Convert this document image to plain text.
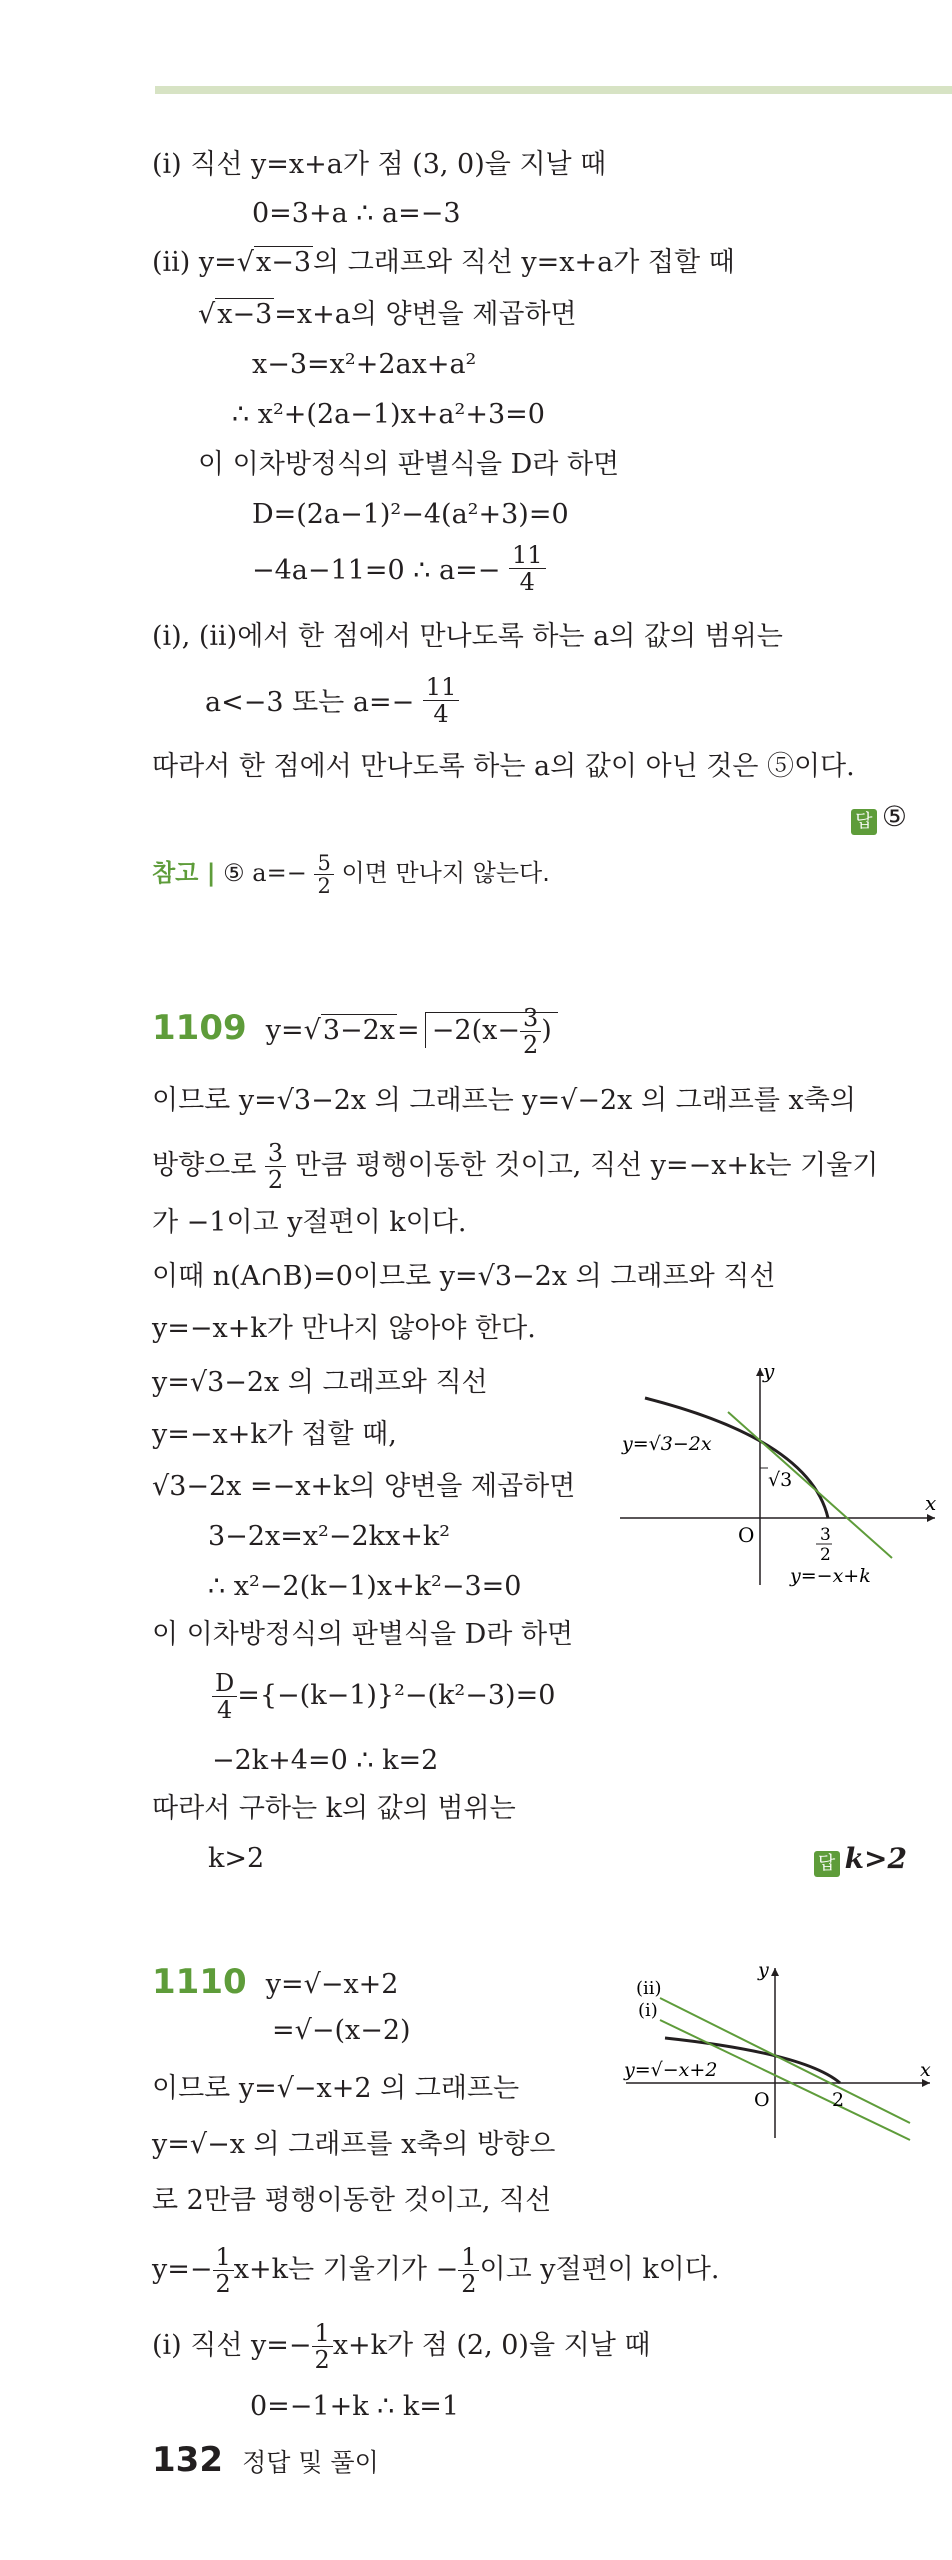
(ⅰ) 직선 y=x+a가 점 (3, 0)을 지날 때
0=3+a ∴ a=−3
(ⅱ) y=√x−3의 그래프와 직선 y=x+a가 접할 때
√x−3=x+a의 양변을 제곱하면
x−3=x²+2ax+a²
∴ x²+(2a−1)x+a²+3=0
이 이차방정식의 판별식을 D라 하면
D=(2a−1)²−4(a²+3)=0
−4a−11=0 ∴ $a=- \frac{11}{4}$
(ⅰ), (ⅱ)에서 한 점에서 만나도록 하는 a의 값의 범위는
a<−3 또는 $a=- \frac{11}{4}$
따라서 한 점에서 만나도록 하는 a의 값이 아닌 것은 ⑤이다.
답 ⑤
참고 | ⑤ $a=- \frac{5}{2}$ 이면 만나지 않는다.
1109 $y=√3-2x= -2(x- \frac{3}{2}$ )
이므로 y=√3−2x 의 그래프는 y=√−2x 의 그래프를 x축의
방향으로 $\frac{3}{2}$ 만큼 평행이동한 것이고, 직선 y=−x+k는 기울기
가 −1이고 y절편이 k이다.
이때 n(A∩B)=0이므로 y=√3−2x 의 그래프와 직선
y=−x+k가 만나지 않아야 한다.
y=√3−2x 의 그래프와 직선
y=−x+k가 접할 때,
√3−2x =−x+k의 양변을 제곱하면
3−2x=x²−2kx+k²
∴ x²−2(k−1)x+k²−3=0
이 이차방정식의 판별식을 D라 하면
$\frac{D}{4} =\{-(k-1)\}^2-(k^2-3)=0$
−2k+4=0 ∴ k=2
따라서 구하는 k의 값의 범위는
k>2	답 k>2
y
x
O
y=√3−2x
√3
3
2
y=−x+k
1110 y=√−x+2
=√−(x−2)
이므로 y=√−x+2 의 그래프는
y=√−x 의 그래프를 x축의 방향으
로 2만큼 평행이동한 것이고, 직선
$y=- \frac{1}{2} x+k$는 기울기가 − $\frac{1}{2}$ 이고 y절편이 k이다.
(ⅰ) 직선 $y=- \frac{1}{2} x+k$가 점 (2, 0)을 지날 때
0=−1+k ∴ k=1
y
x
O	2
(ⅱ)
(ⅰ)
y=√−x+2
132 정답 및 풀이
